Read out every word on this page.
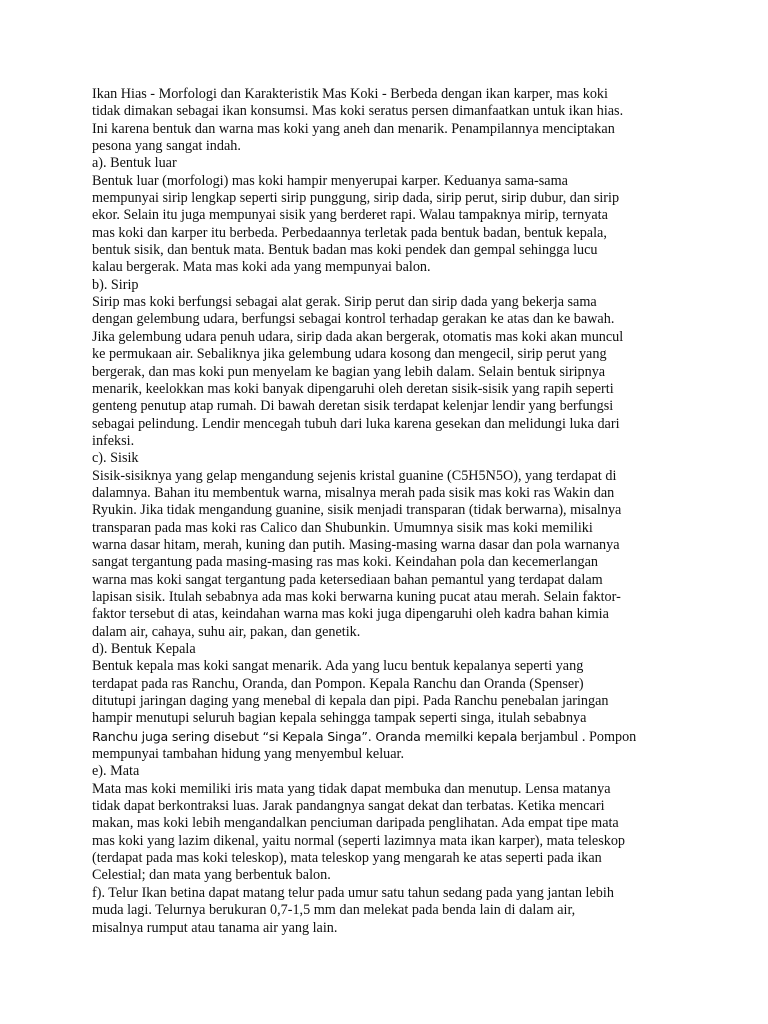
Ikan Hias - Morfologi dan Karakteristik Mas Koki - Berbeda dengan ikan karper, mas koki
tidak dimakan sebagai ikan konsumsi. Mas koki seratus persen dimanfaatkan untuk ikan hias.
Ini karena bentuk dan warna mas koki yang aneh dan menarik. Penampilannya menciptakan
pesona yang sangat indah.
a). Bentuk luar
Bentuk luar (morfologi) mas koki hampir menyerupai karper. Keduanya sama-sama
mempunyai sirip lengkap seperti sirip punggung, sirip dada, sirip perut, sirip dubur, dan sirip
ekor. Selain itu juga mempunyai sisik yang berderet rapi. Walau tampaknya mirip, ternyata
mas koki dan karper itu berbeda. Perbedaannya terletak pada bentuk badan, bentuk kepala,
bentuk sisik, dan bentuk mata. Bentuk badan mas koki pendek dan gempal sehingga lucu
kalau bergerak. Mata mas koki ada yang mempunyai balon.
b). Sirip
Sirip mas koki berfungsi sebagai alat gerak. Sirip perut dan sirip dada yang bekerja sama
dengan gelembung udara, berfungsi sebagai kontrol terhadap gerakan ke atas dan ke bawah.
Jika gelembung udara penuh udara, sirip dada akan bergerak, otomatis mas koki akan muncul
ke permukaan air. Sebaliknya jika gelembung udara kosong dan mengecil, sirip perut yang
bergerak, dan mas koki pun menyelam ke bagian yang lebih dalam. Selain bentuk siripnya
menarik, keelokkan mas koki banyak dipengaruhi oleh deretan sisik-sisik yang rapih seperti
genteng penutup atap rumah. Di bawah deretan sisik terdapat kelenjar lendir yang berfungsi
sebagai pelindung. Lendir mencegah tubuh dari luka karena gesekan dan melidungi luka dari
infeksi.
c). Sisik
Sisik-sisiknya yang gelap mengandung sejenis kristal guanine (C5H5N5O), yang terdapat di
dalamnya. Bahan itu membentuk warna, misalnya merah pada sisik mas koki ras Wakin dan
Ryukin. Jika tidak mengandung guanine, sisik menjadi transparan (tidak berwarna), misalnya
transparan pada mas koki ras Calico dan Shubunkin. Umumnya sisik mas koki memiliki
warna dasar hitam, merah, kuning dan putih. Masing-masing warna dasar dan pola warnanya
sangat tergantung pada masing-masing ras mas koki. Keindahan pola dan kecemerlangan
warna mas koki sangat tergantung pada ketersediaan bahan pemantul yang terdapat dalam
lapisan sisik. Itulah sebabnya ada mas koki berwarna kuning pucat atau merah. Selain faktor-
faktor tersebut di atas, keindahan warna mas koki juga dipengaruhi oleh kadra bahan kimia
dalam air, cahaya, suhu air, pakan, dan genetik.
d). Bentuk Kepala
Bentuk kepala mas koki sangat menarik. Ada yang lucu bentuk kepalanya seperti yang
terdapat pada ras Ranchu, Oranda, dan Pompon. Kepala Ranchu dan Oranda (Spenser)
ditutupi jaringan daging yang menebal di kepala dan pipi. Pada Ranchu penebalan jaringan
hampir menutupi seluruh bagian kepala sehingga tampak seperti singa, itulah sebabnya
Ranchu juga sering disebut “si Kepala Singa”. Oranda memilki kepala berjambul . Pompon
mempunyai tambahan hidung yang menyembul keluar.
e). Mata
Mata mas koki memiliki iris mata yang tidak dapat membuka dan menutup. Lensa matanya
tidak dapat berkontraksi luas. Jarak pandangnya sangat dekat dan terbatas. Ketika mencari
makan, mas koki lebih mengandalkan penciuman daripada penglihatan. Ada empat tipe mata
mas koki yang lazim dikenal, yaitu normal (seperti lazimnya mata ikan karper), mata teleskop
(terdapat pada mas koki teleskop), mata teleskop yang mengarah ke atas seperti pada ikan
Celestial; dan mata yang berbentuk balon.
f). Telur Ikan betina dapat matang telur pada umur satu tahun sedang pada yang jantan lebih
muda lagi. Telurnya berukuran 0,7-1,5 mm dan melekat pada benda lain di dalam air,
misalnya rumput atau tanama air yang lain.
